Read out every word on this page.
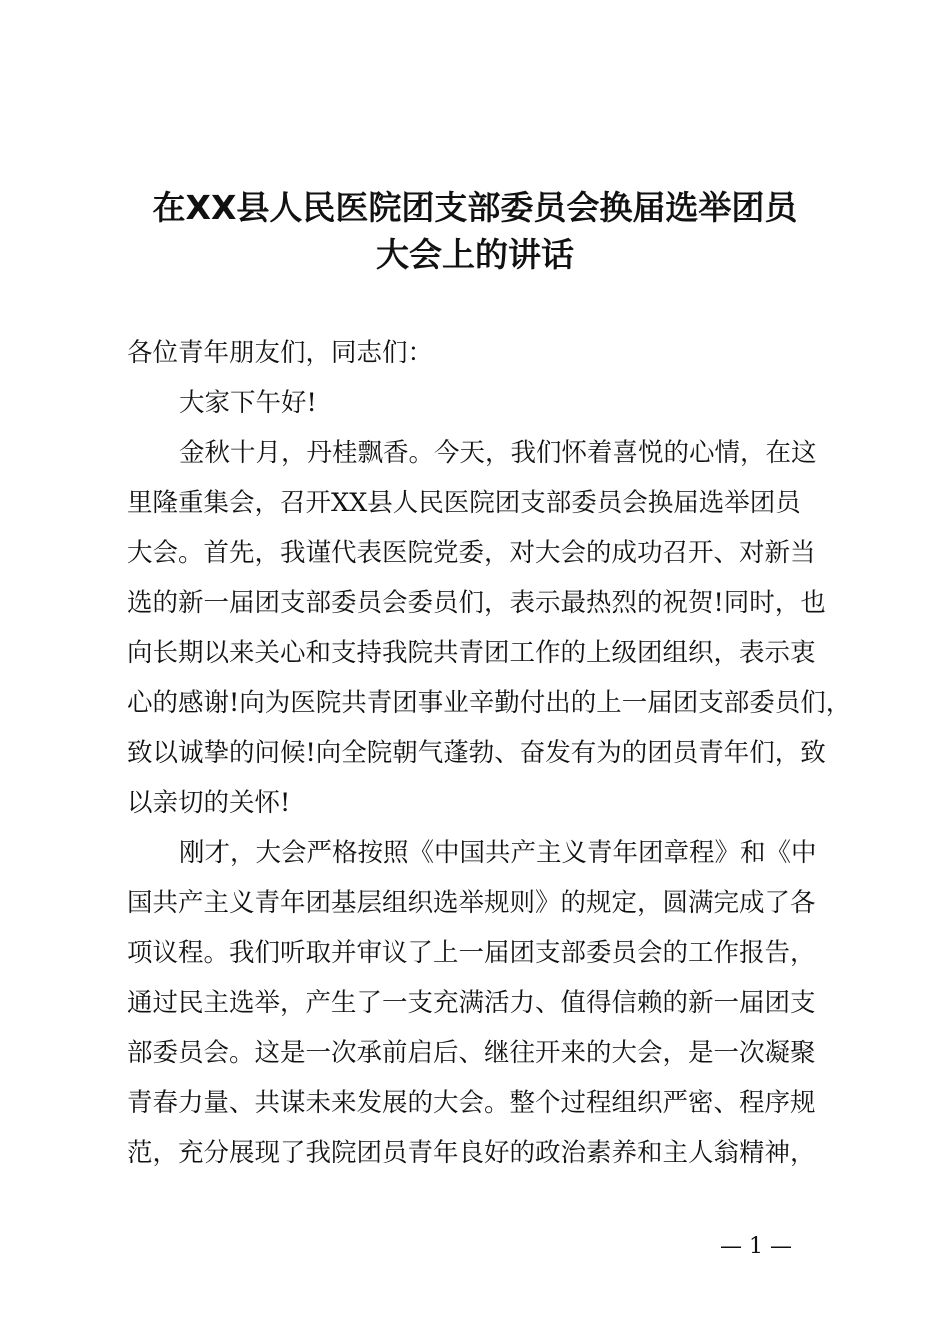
在XX县人民医院团支部委员会换届选举团员
大会上的讲话
各位青年朋友们，同志们：
大家下午好!
金秋十月，丹桂飘香。今天，我们怀着喜悦的心情，在这
里隆重集会，召开XX县人民医院团支部委员会换届选举团员
大会。首先，我谨代表医院党委，对大会的成功召开、对新当
选的新一届团支部委员会委员们，表示最热烈的祝贺!同时，也
向长期以来关心和支持我院共青团工作的上级团组织，表示衷
心的感谢!向为医院共青团事业辛勤付出的上一届团支部委员们，
致以诚挚的问候!向全院朝气蓬勃、奋发有为的团员青年们，致
以亲切的关怀!
刚才，大会严格按照《中国共产主义青年团章程》和《中
国共产主义青年团基层组织选举规则》的规定，圆满完成了各
项议程。我们听取并审议了上一届团支部委员会的工作报告，
通过民主选举，产生了一支充满活力、值得信赖的新一届团支
部委员会。这是一次承前启后、继往开来的大会，是一次凝聚
青春力量、共谋未来发展的大会。整个过程组织严密、程序规
范，充分展现了我院团员青年良好的政治素养和主人翁精神，
— 1 —
